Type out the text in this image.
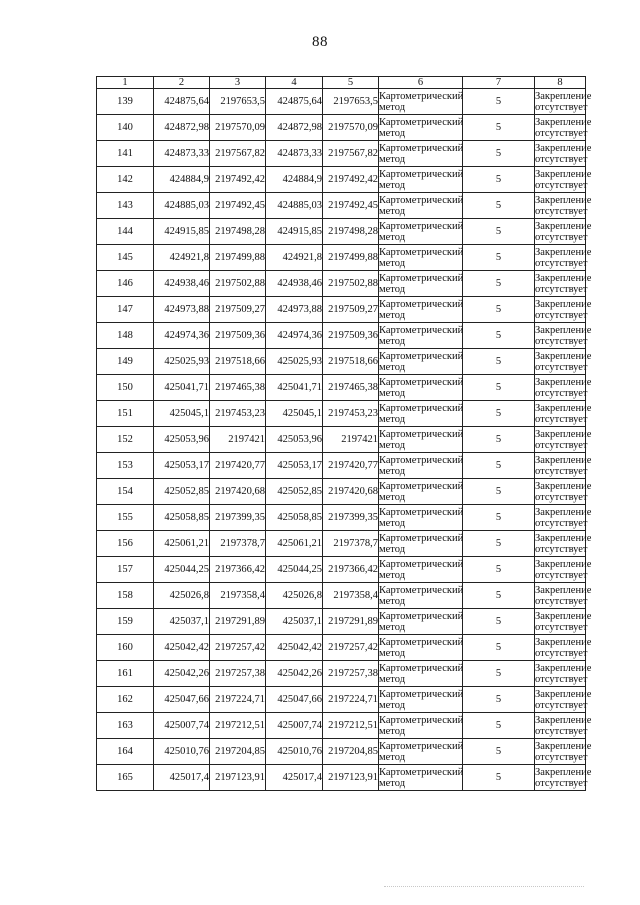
88
1	2	3	4	5	6	7	8
139	424875,64	2197653,5	424875,64	2197653,5	Картометрический
метод	5	Закрепление
отсутствует

140	424872,98	2197570,09	424872,98	2197570,09	Картометрический
метод	5	Закрепление
отсутствует

141	424873,33	2197567,82	424873,33	2197567,82	Картометрический
метод	5	Закрепление
отсутствует

142	424884,9	2197492,42	424884,9	2197492,42	Картометрический
метод	5	Закрепление
отсутствует

143	424885,03	2197492,45	424885,03	2197492,45	Картометрический
метод	5	Закрепление
отсутствует

144	424915,85	2197498,28	424915,85	2197498,28	Картометрический
метод	5	Закрепление
отсутствует

145	424921,8	2197499,88	424921,8	2197499,88	Картометрический
метод	5	Закрепление
отсутствует

146	424938,46	2197502,88	424938,46	2197502,88	Картометрический
метод	5	Закрепление
отсутствует

147	424973,88	2197509,27	424973,88	2197509,27	Картометрический
метод	5	Закрепление
отсутствует

148	424974,36	2197509,36	424974,36	2197509,36	Картометрический
метод	5	Закрепление
отсутствует

149	425025,93	2197518,66	425025,93	2197518,66	Картометрический
метод	5	Закрепление
отсутствует

150	425041,71	2197465,38	425041,71	2197465,38	Картометрический
метод	5	Закрепление
отсутствует

151	425045,1	2197453,23	425045,1	2197453,23	Картометрический
метод	5	Закрепление
отсутствует

152	425053,96	2197421	425053,96	2197421	Картометрический
метод	5	Закрепление
отсутствует

153	425053,17	2197420,77	425053,17	2197420,77	Картометрический
метод	5	Закрепление
отсутствует

154	425052,85	2197420,68	425052,85	2197420,68	Картометрический
метод	5	Закрепление
отсутствует

155	425058,85	2197399,35	425058,85	2197399,35	Картометрический
метод	5	Закрепление
отсутствует

156	425061,21	2197378,7	425061,21	2197378,7	Картометрический
метод	5	Закрепление
отсутствует

157	425044,25	2197366,42	425044,25	2197366,42	Картометрический
метод	5	Закрепление
отсутствует

158	425026,8	2197358,4	425026,8	2197358,4	Картометрический
метод	5	Закрепление
отсутствует

159	425037,1	2197291,89	425037,1	2197291,89	Картометрический
метод	5	Закрепление
отсутствует

160	425042,42	2197257,42	425042,42	2197257,42	Картометрический
метод	5	Закрепление
отсутствует

161	425042,26	2197257,38	425042,26	2197257,38	Картометрический
метод	5	Закрепление
отсутствует

162	425047,66	2197224,71	425047,66	2197224,71	Картометрический
метод	5	Закрепление
отсутствует

163	425007,74	2197212,51	425007,74	2197212,51	Картометрический
метод	5	Закрепление
отсутствует

164	425010,76	2197204,85	425010,76	2197204,85	Картометрический
метод	5	Закрепление
отсутствует

165	425017,4	2197123,91	425017,4	2197123,91	Картометрический
метод	5	Закрепление
отсутствует
